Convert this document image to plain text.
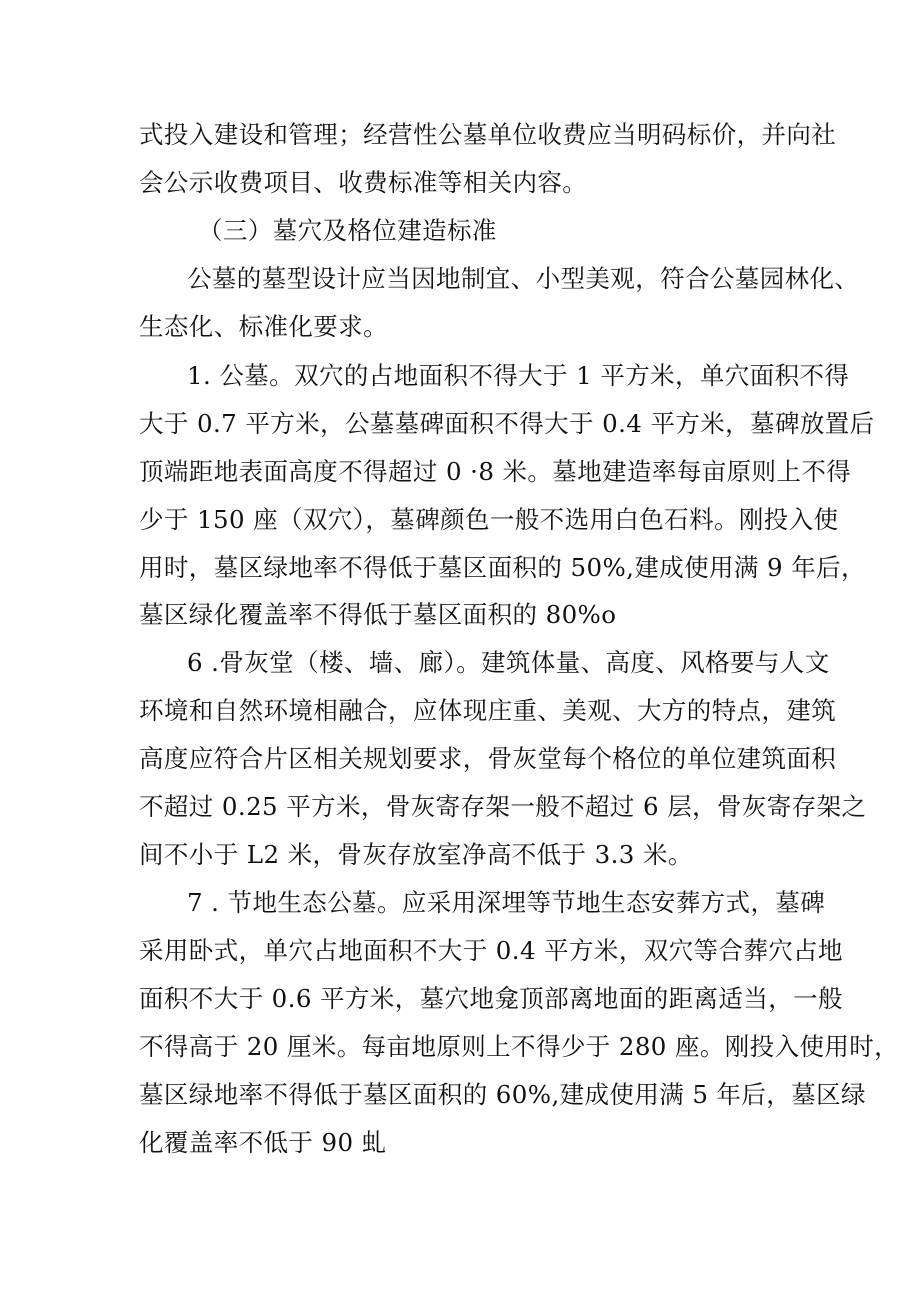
式投入建设和管理；经营性公墓单位收费应当明码标价，并向社
会公示收费项目、收费标准等相关内容。
（三）墓穴及格位建造标准
公墓的墓型设计应当因地制宜、小型美观，符合公墓园林化、
生态化、标准化要求。
1. 公墓。双穴的占地面积不得大于 1 平方米，单穴面积不得
大于 0.7 平方米，公墓墓碑面积不得大于 0.4 平方米，墓碑放置后
顶端距地表面高度不得超过 0 ·8 米。墓地建造率每亩原则上不得
少于 150 座（双穴），墓碑颜色一般不选用白色石料。刚投入使
用时，墓区绿地率不得低于墓区面积的 50%,建成使用满 9 年后，
墓区绿化覆盖率不得低于墓区面积的 80%o
6 .骨灰堂（楼、墙、廊）。建筑体量、高度、风格要与人文
环境和自然环境相融合，应体现庄重、美观、大方的特点，建筑
高度应符合片区相关规划要求，骨灰堂每个格位的单位建筑面积
不超过 0.25 平方米，骨灰寄存架一般不超过 6 层，骨灰寄存架之
间不小于 L2 米，骨灰存放室净高不低于 3.3 米。
7 . 节地生态公墓。应采用深埋等节地生态安葬方式，墓碑
采用卧式，单穴占地面积不大于 0.4 平方米，双穴等合葬穴占地
面积不大于 0.6 平方米，墓穴地龛顶部离地面的距离适当，一般
不得高于 20 厘米。每亩地原则上不得少于 280 座。刚投入使用时，
墓区绿地率不得低于墓区面积的 60%,建成使用满 5 年后，墓区绿
化覆盖率不低于 90 虬
